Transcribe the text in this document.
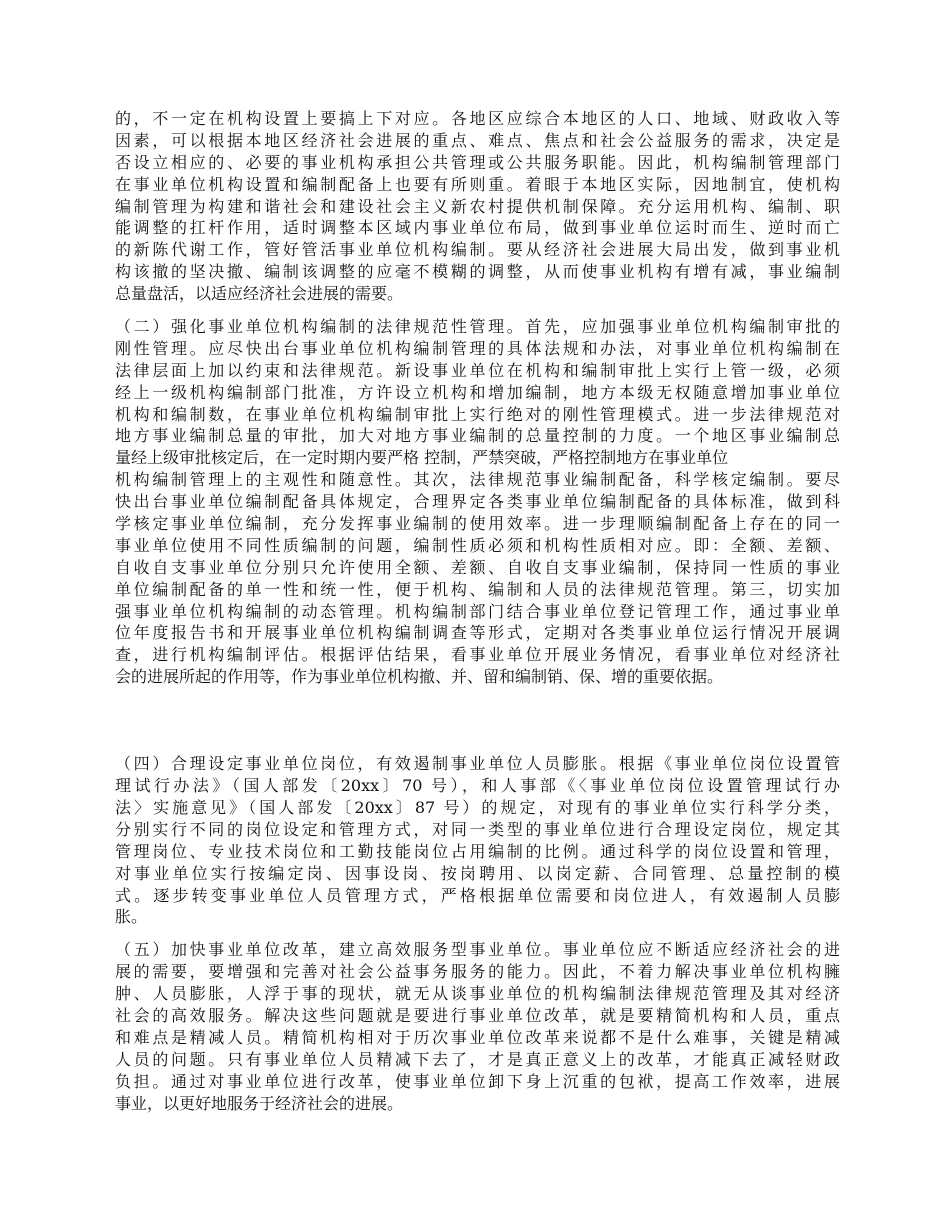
的，不一定在机构设置上要搞上下对应。各地区应综合本地区的人口、地域、财政收入等
因素，可以根据本地区经济社会进展的重点、难点、焦点和社会公益服务的需求，决定是
否设立相应的、必要的事业机构承担公共管理或公共服务职能。因此，机构编制管理部门
在事业单位机构设置和编制配备上也要有所则重。着眼于本地区实际，因地制宜，使机构
编制管理为构建和谐社会和建设社会主义新农村提供机制保障。充分运用机构、编制、职
能调整的扛杆作用，适时调整本区域内事业单位布局，做到事业单位运时而生、逆时而亡
的新陈代谢工作，管好管活事业单位机构编制。要从经济社会进展大局出发，做到事业机
构该撤的坚决撤、编制该调整的应毫不模糊的调整，从而使事业机构有增有减，事业编制
总量盘活，以适应经济社会进展的需要。
（二）强化事业单位机构编制的法律规范性管理。首先，应加强事业单位机构编制审批的
刚性管理。应尽快出台事业单位机构编制管理的具体法规和办法，对事业单位机构编制在
法律层面上加以约束和法律规范。新设事业单位在机构和编制审批上实行上管一级，必须
经上一级机构编制部门批准，方许设立机构和增加编制，地方本级无权随意增加事业单位
机构和编制数，在事业单位机构编制审批上实行绝对的刚性管理模式。进一步法律规范对
地方事业编制总量的审批，加大对地方事业编制的总量控制的力度。一个地区事业编制总
量经上级审批核定后，在一定时期内要严格 控制，严禁突破，严格控制地方在事业单位
机构编制管理上的主观性和随意性。其次，法律规范事业编制配备，科学核定编制。要尽
快出台事业单位编制配备具体规定，合理界定各类事业单位编制配备的具体标准，做到科
学核定事业单位编制，充分发挥事业编制的使用效率。进一步理顺编制配备上存在的同一
事业单位使用不同性质编制的问题，编制性质必须和机构性质相对应。即：全额、差额、
自收自支事业单位分别只允许使用全额、差额、自收自支事业编制，保持同一性质的事业
单位编制配备的单一性和统一性，便于机构、编制和人员的法律规范管理。第三，切实加
强事业单位机构编制的动态管理。机构编制部门结合事业单位登记管理工作，通过事业单
位年度报告书和开展事业单位机构编制调查等形式，定期对各类事业单位运行情况开展调
查，进行机构编制评估。根据评估结果，看事业单位开展业务情况，看事业单位对经济社
会的进展所起的作用等，作为事业单位机构撤、并、留和编制销、保、增的重要依据。
（四）合理设定事业单位岗位，有效遏制事业单位人员膨胀。根据《事业单位岗位设置管
理试行办法》（国人部发〔20xx〕70 号），和人事部《〈事业单位岗位设置管理试行办
法〉实施意见》（国人部发〔20xx〕87 号）的规定，对现有的事业单位实行科学分类，
分别实行不同的岗位设定和管理方式，对同一类型的事业单位进行合理设定岗位，规定其
管理岗位、专业技术岗位和工勤技能岗位占用编制的比例。通过科学的岗位设置和管理，
对事业单位实行按编定岗、因事设岗、按岗聘用、以岗定薪、合同管理、总量控制的模
式。逐步转变事业单位人员管理方式，严格根据单位需要和岗位进人，有效遏制人员膨
胀。
（五）加快事业单位改革，建立高效服务型事业单位。事业单位应不断适应经济社会的进
展的需要，要增强和完善对社会公益事务服务的能力。因此，不着力解决事业单位机构臃
肿、人员膨胀，人浮于事的现状，就无从谈事业单位的机构编制法律规范管理及其对经济
社会的高效服务。解决这些问题就是要进行事业单位改革，就是要精简机构和人员，重点
和难点是精减人员。精简机构相对于历次事业单位改革来说都不是什么难事，关键是精减
人员的问题。只有事业单位人员精减下去了，才是真正意义上的改革，才能真正减轻财政
负担。通过对事业单位进行改革，使事业单位卸下身上沉重的包袱，提高工作效率，进展
事业，以更好地服务于经济社会的进展。
